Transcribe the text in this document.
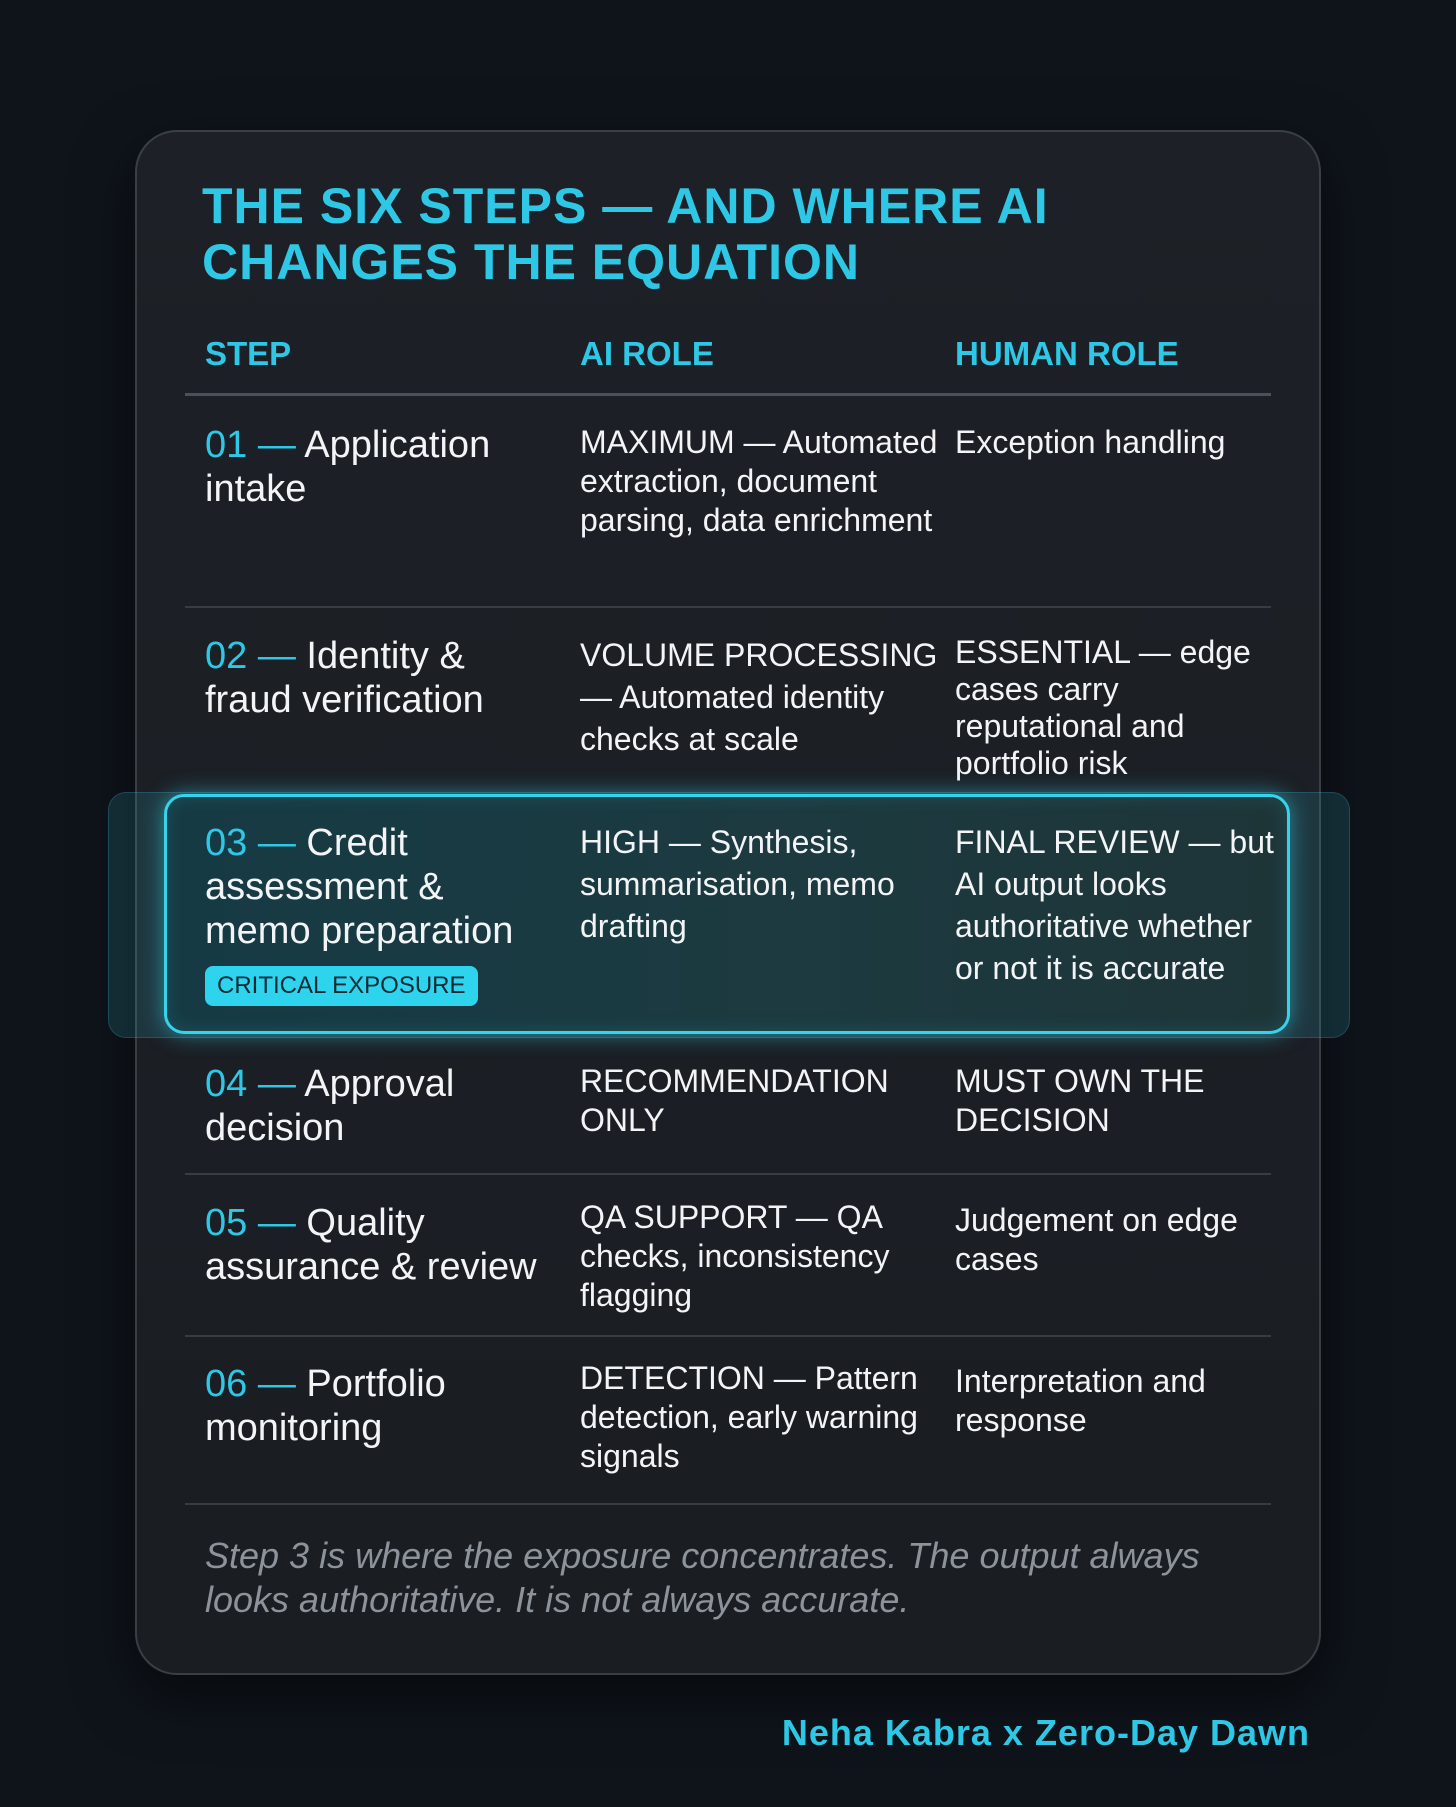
THE SIX STEPS — AND WHERE AI
CHANGES THE EQUATION
STEP	AI ROLE	HUMAN ROLE
01 — Application intake
MAXIMUM — Automated extraction, document parsing, data enrichment
Exception handling
02 — Identity & fraud verification
VOLUME PROCESSING — Automated identity checks at scale
ESSENTIAL — edge cases carry reputational and portfolio risk
03 — Credit assessment & memo preparation
HIGH — Synthesis, summarisation, memo drafting
FINAL REVIEW — but AI output looks authoritative whether or not it is accurate
CRITICAL EXPOSURE
04 — Approval decision
RECOMMENDATION ONLY
MUST OWN THE DECISION
05 — Quality assurance & review
QA SUPPORT — QA checks, inconsistency flagging
Judgement on edge cases
06 — Portfolio monitoring
DETECTION — Pattern detection, early warning signals
Interpretation and response

Step 3 is where the exposure concentrates. The output always looks authoritative. It is not always accurate.

Neha Kabra x Zero-Day Dawn
